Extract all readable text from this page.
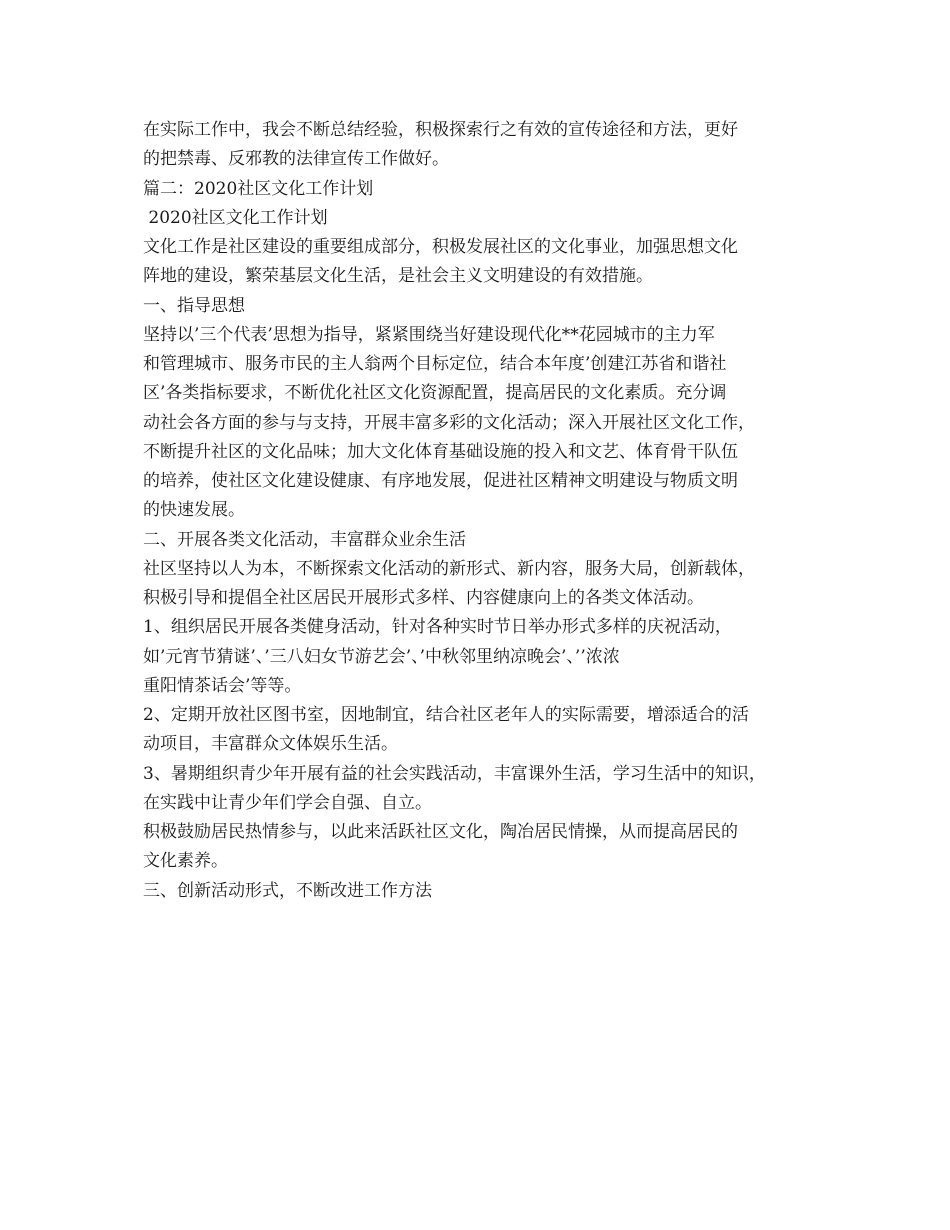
在实际工作中，我会不断总结经验，积极探索行之有效的宣传途径和方法，更好
的把禁毒、反邪教的法律宣传工作做好。
篇二：2020社区文化工作计划
2020社区文化工作计划
文化工作是社区建设的重要组成部分，积极发展社区的文化事业，加强思想文化
阵地的建设，繁荣基层文化生活，是社会主义文明建设的有效措施。
一、指导思想
坚持以’三个代表’思想为指导，紧紧围绕当好建设现代化**花园城市的主力军
和管理城市、服务市民的主人翁两个目标定位，结合本年度’创建江苏省和谐社
区’各类指标要求，不断优化社区文化资源配置，提高居民的文化素质。充分调
动社会各方面的参与与支持，开展丰富多彩的文化活动；深入开展社区文化工作，
不断提升社区的文化品味；加大文化体育基础设施的投入和文艺、体育骨干队伍
的培养，使社区文化建设健康、有序地发展，促进社区精神文明建设与物质文明
的快速发展。
二、开展各类文化活动，丰富群众业余生活
社区坚持以人为本，不断探索文化活动的新形式、新内容，服务大局，创新载体，
积极引导和提倡全社区居民开展形式多样、内容健康向上的各类文体活动。
1、组织居民开展各类健身活动，针对各种实时节日举办形式多样的庆祝活动，
如’元宵节猜谜’、’三八妇女节游艺会’、’中秋邻里纳凉晚会’、’’浓浓
重阳情茶话会’等等。
2、定期开放社区图书室，因地制宜，结合社区老年人的实际需要，增添适合的活
动项目，丰富群众文体娱乐生活。
3、暑期组织青少年开展有益的社会实践活动，丰富课外生活，学习生活中的知识，
在实践中让青少年们学会自强、自立。
积极鼓励居民热情参与，以此来活跃社区文化，陶冶居民情操，从而提高居民的
文化素养。
三、创新活动形式，不断改进工作方法
